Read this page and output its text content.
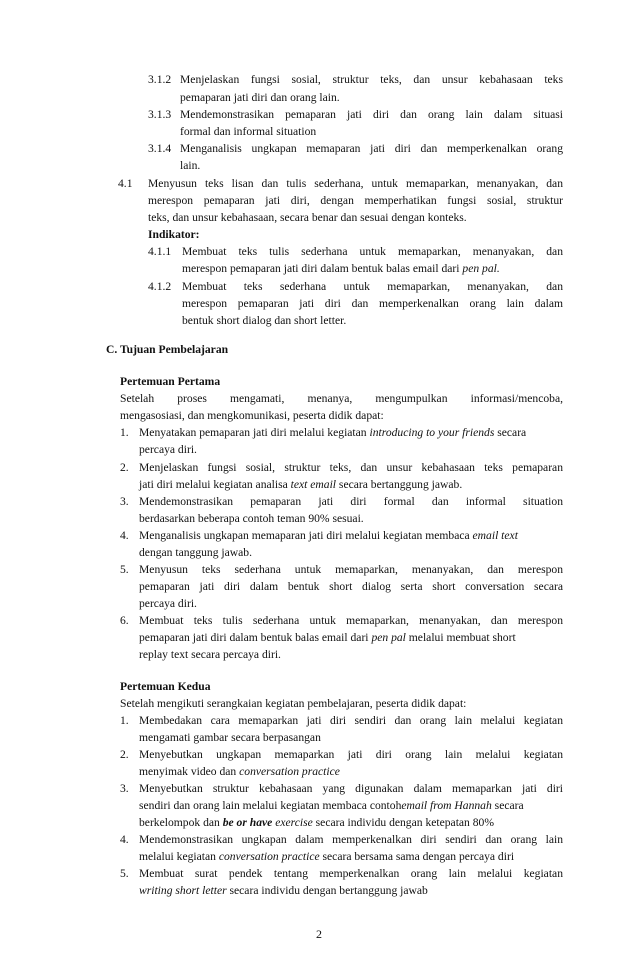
3.1.2 Menjelaskan fungsi sosial, struktur teks, dan unsur kebahasaan teks
pemaparan jati diri dan orang lain.
3.1.3 Mendemonstrasikan pemaparan jati diri dan orang lain dalam situasi
formal dan informal situation
3.1.4 Menganalisis ungkapan memaparan jati diri dan memperkenalkan orang
lain.
4.1 Menyusun teks lisan dan tulis sederhana, untuk memaparkan, menanyakan, dan
merespon pemaparan jati diri, dengan memperhatikan fungsi sosial, struktur
teks, dan unsur kebahasaan, secara benar dan sesuai dengan konteks.
Indikator:
4.1.1 Membuat teks tulis sederhana untuk memaparkan, menanyakan, dan
merespon pemaparan jati diri dalam bentuk balas email dari pen pal.
4.1.2 Membuat teks sederhana untuk memaparkan, menanyakan, dan
merespon pemaparan jati diri dan memperkenalkan orang lain dalam
bentuk short dialog dan short letter.
C. Tujuan Pembelajaran
Pertemuan Pertama
Setelah proses mengamati, menanya, mengumpulkan informasi/mencoba,
mengasosiasi, dan mengkomunikasi, peserta didik dapat:
1. Menyatakan pemaparan jati diri melalui kegiatan introducing to your friends secara
percaya diri.
2. Menjelaskan fungsi sosial, struktur teks, dan unsur kebahasaan teks pemaparan
jati diri melalui kegiatan analisa text email secara bertanggung jawab.
3. Mendemonstrasikan pemaparan jati diri formal dan informal situation
berdasarkan beberapa contoh teman 90% sesuai.
4. Menganalisis ungkapan memaparan jati diri melalui kegiatan membaca email text
dengan tanggung jawab.
5. Menyusun teks sederhana untuk memaparkan, menanyakan, dan merespon
pemaparan jati diri dalam bentuk short dialog serta short conversation secara
percaya diri.
6. Membuat teks tulis sederhana untuk memaparkan, menanyakan, dan merespon
pemaparan jati diri dalam bentuk balas email dari pen pal melalui membuat short
replay text secara percaya diri.
Pertemuan Kedua
Setelah mengikuti serangkaian kegiatan pembelajaran, peserta didik dapat:
1. Membedakan cara memaparkan jati diri sendiri dan orang lain melalui kegiatan
mengamati gambar secara berpasangan
2. Menyebutkan ungkapan memaparkan jati diri orang lain melalui kegiatan
menyimak video dan conversation practice
3. Menyebutkan struktur kebahasaan yang digunakan dalam memaparkan jati diri
sendiri dan orang lain melalui kegiatan membaca contohemail from Hannah secara
berkelompok dan be or have exercise secara individu dengan ketepatan 80%
4. Mendemonstrasikan ungkapan dalam memperkenalkan diri sendiri dan orang lain
melalui kegiatan conversation practice secara bersama sama dengan percaya diri
5. Membuat surat pendek tentang memperkenalkan orang lain melalui kegiatan
writing short letter secara individu dengan bertanggung jawab
2
